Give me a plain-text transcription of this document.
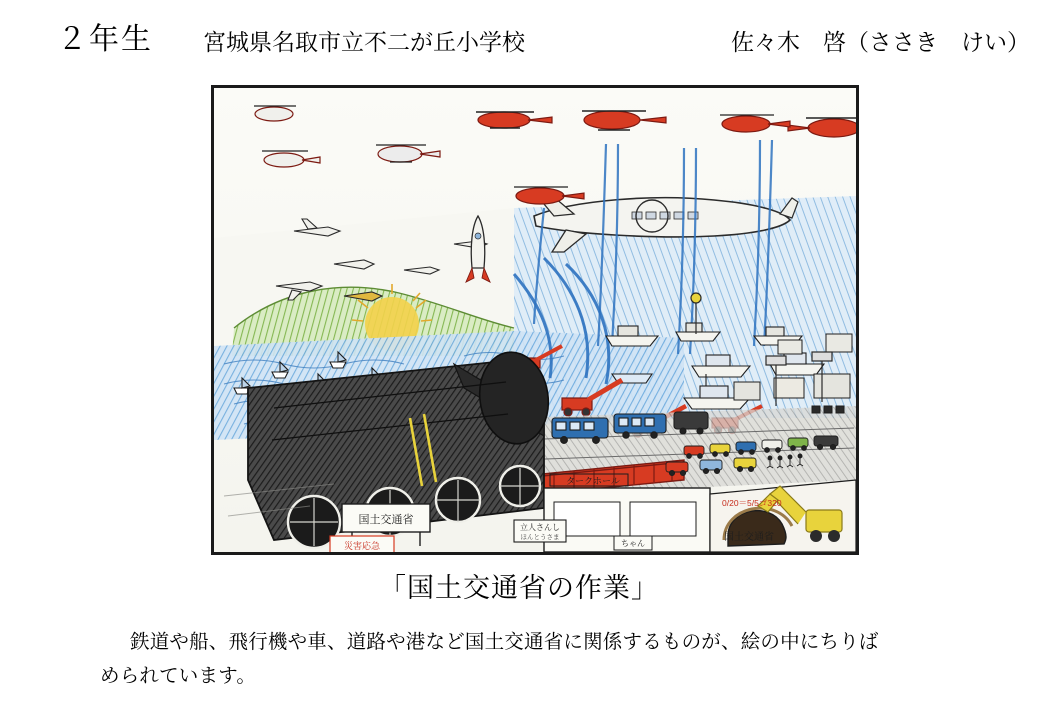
２年生 宮城県名取市立不二が丘小学校	佐々木　啓（ささき　けい）
国土交通省
災害応急
タークホール
立人さんし
ほんとうさま
ちゃん
0/20＝5/5ゴ320
国土交通省
「国土交通省の作業」
鉄道や船、飛行機や車、道路や港など国土交通省に関係するものが、絵の中にちりば
められています。
